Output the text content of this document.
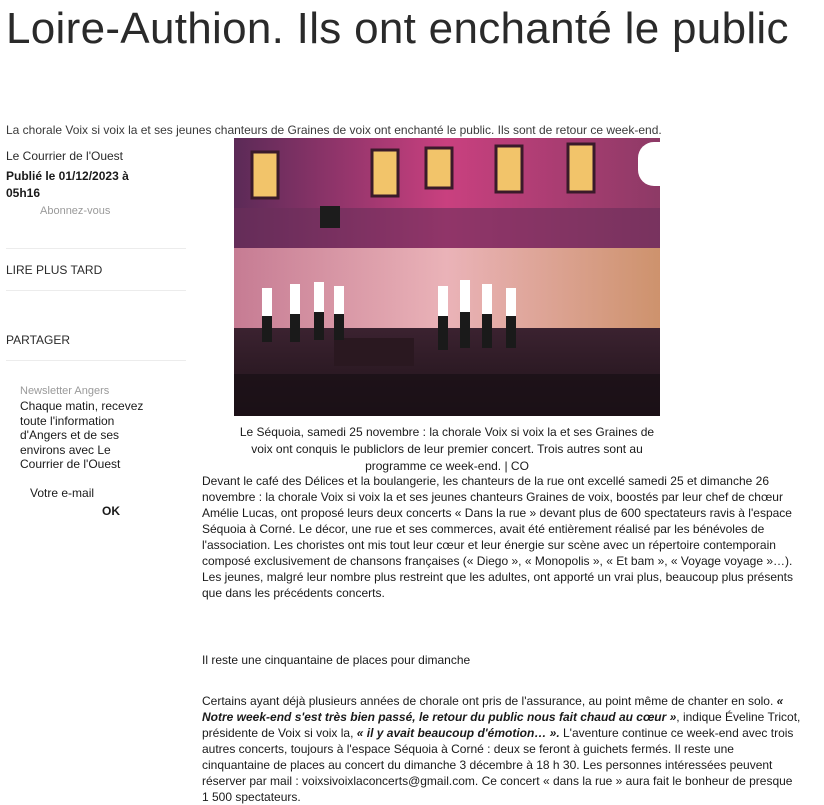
Loire-Authion. Ils ont enchanté le public

La chorale Voix si voix la et ses jeunes chanteurs de Graines de voix ont enchanté le public. Ils sont de retour ce week-end.

Le Courrier de l'Ouest
Publié le 01/12/2023 à 05h16
Abonnez-vous
LIRE PLUS TARD
PARTAGER
Newsletter Angers

Chaque matin, recevez toute l'information d'Angers et de ses environs avec Le Courrier de l'Ouest

Votre e-mail
OK

Le Séquoia, samedi 25 novembre : la chorale Voix si voix la et ses Graines de voix ont conquis le publiclors de leur premier concert. Trois autres sont au programme ce week-end. | CO

Devant le café des Délices et la boulangerie, les chanteurs de la rue ont excellé samedi 25 et dimanche 26 novembre : la chorale Voix si voix la et ses jeunes chanteurs Graines de voix, boostés par leur chef de chœur Amélie Lucas, ont proposé leurs deux concerts « Dans la rue » devant plus de 600 spectateurs ravis à l'espace Séquoia à Corné. Le décor, une rue et ses commerces, avait été entièrement réalisé par les bénévoles de l'association. Les choristes ont mis tout leur cœur et leur énergie sur scène avec un répertoire contemporain composé exclusivement de chansons françaises (« Diego », « Monopolis », « Et bam », « Voyage voyage »…). Les jeunes, malgré leur nombre plus restreint que les adultes, ont apporté un vrai plus, beaucoup plus présents que dans les précédents concerts.

Il reste une cinquantaine de places pour dimanche

Certains ayant déjà plusieurs années de chorale ont pris de l'assurance, au point même de chanter en solo. « Notre week-end s'est très bien passé, le retour du public nous fait chaud au cœur », indique Éveline Tricot, présidente de Voix si voix la, « il y avait beaucoup d'émotion… ». L'aventure continue ce week-end avec trois autres concerts, toujours à l'espace Séquoia à Corné : deux se feront à guichets fermés. Il reste une cinquantaine de places au concert du dimanche 3 décembre à 18 h 30. Les personnes intéressées peuvent réserver par mail : voixsivoixlaconcerts@gmail.com. Ce concert « dans la rue » aura fait le bonheur de presque 1 500 spectateurs.
